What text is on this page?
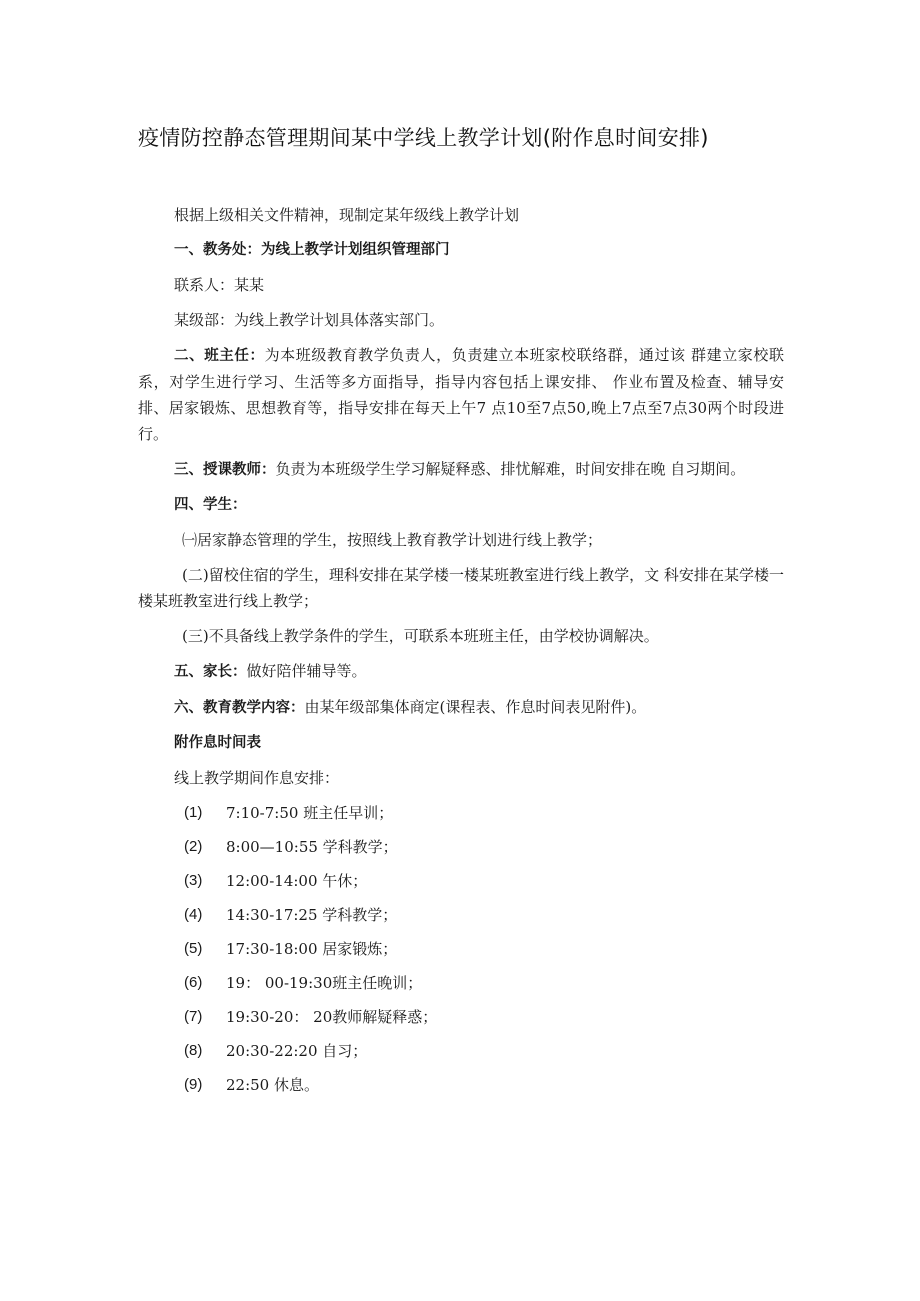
疫情防控静态管理期间某中学线上教学计划(附作息时间安排)

根据上级相关文件精神，现制定某年级线上教学计划

一、教务处：为线上教学计划组织管理部门

联系人：某某

某级部：为线上教学计划具体落实部门。

二、班主任：为本班级教育教学负责人，负责建立本班家校联络群，通过该 群建立家校联系，对学生进行学习、生活等多方面指导，指导内容包括上课安排、 作业布置及检查、辅导安排、居家锻炼、思想教育等，指导安排在每天上午7 点10至7点50,晚上7点至7点30两个时段进行。

三、授课教师：负责为本班级学生学习解疑释惑、排忧解难，时间安排在晚 自习期间。

四、学生：

㈠居家静态管理的学生，按照线上教育教学计划进行线上教学；

(二)留校住宿的学生，理科安排在某学楼一楼某班教室进行线上教学，文 科安排在某学楼一楼某班教室进行线上教学；

(三)不具备线上教学条件的学生，可联系本班班主任，由学校协调解决。

五、家长：做好陪伴辅导等。

六、教育教学内容：由某年级部集体商定(课程表、作息时间表见附件)。

附作息时间表

线上教学期间作息安排：

(1) 7:10-7:50 班主任早训；
(2) 8:00—10:55 学科教学；
(3) 12:00-14:00 午休；
(4) 14:30-17:25 学科教学；
(5) 17:30-18:00 居家锻炼；
(6) 19： 00-19:30班主任晚训；
(7) 19:30-20： 20教师解疑释惑；
(8) 20:30-22:20 自习；
(9) 22:50 休息。
